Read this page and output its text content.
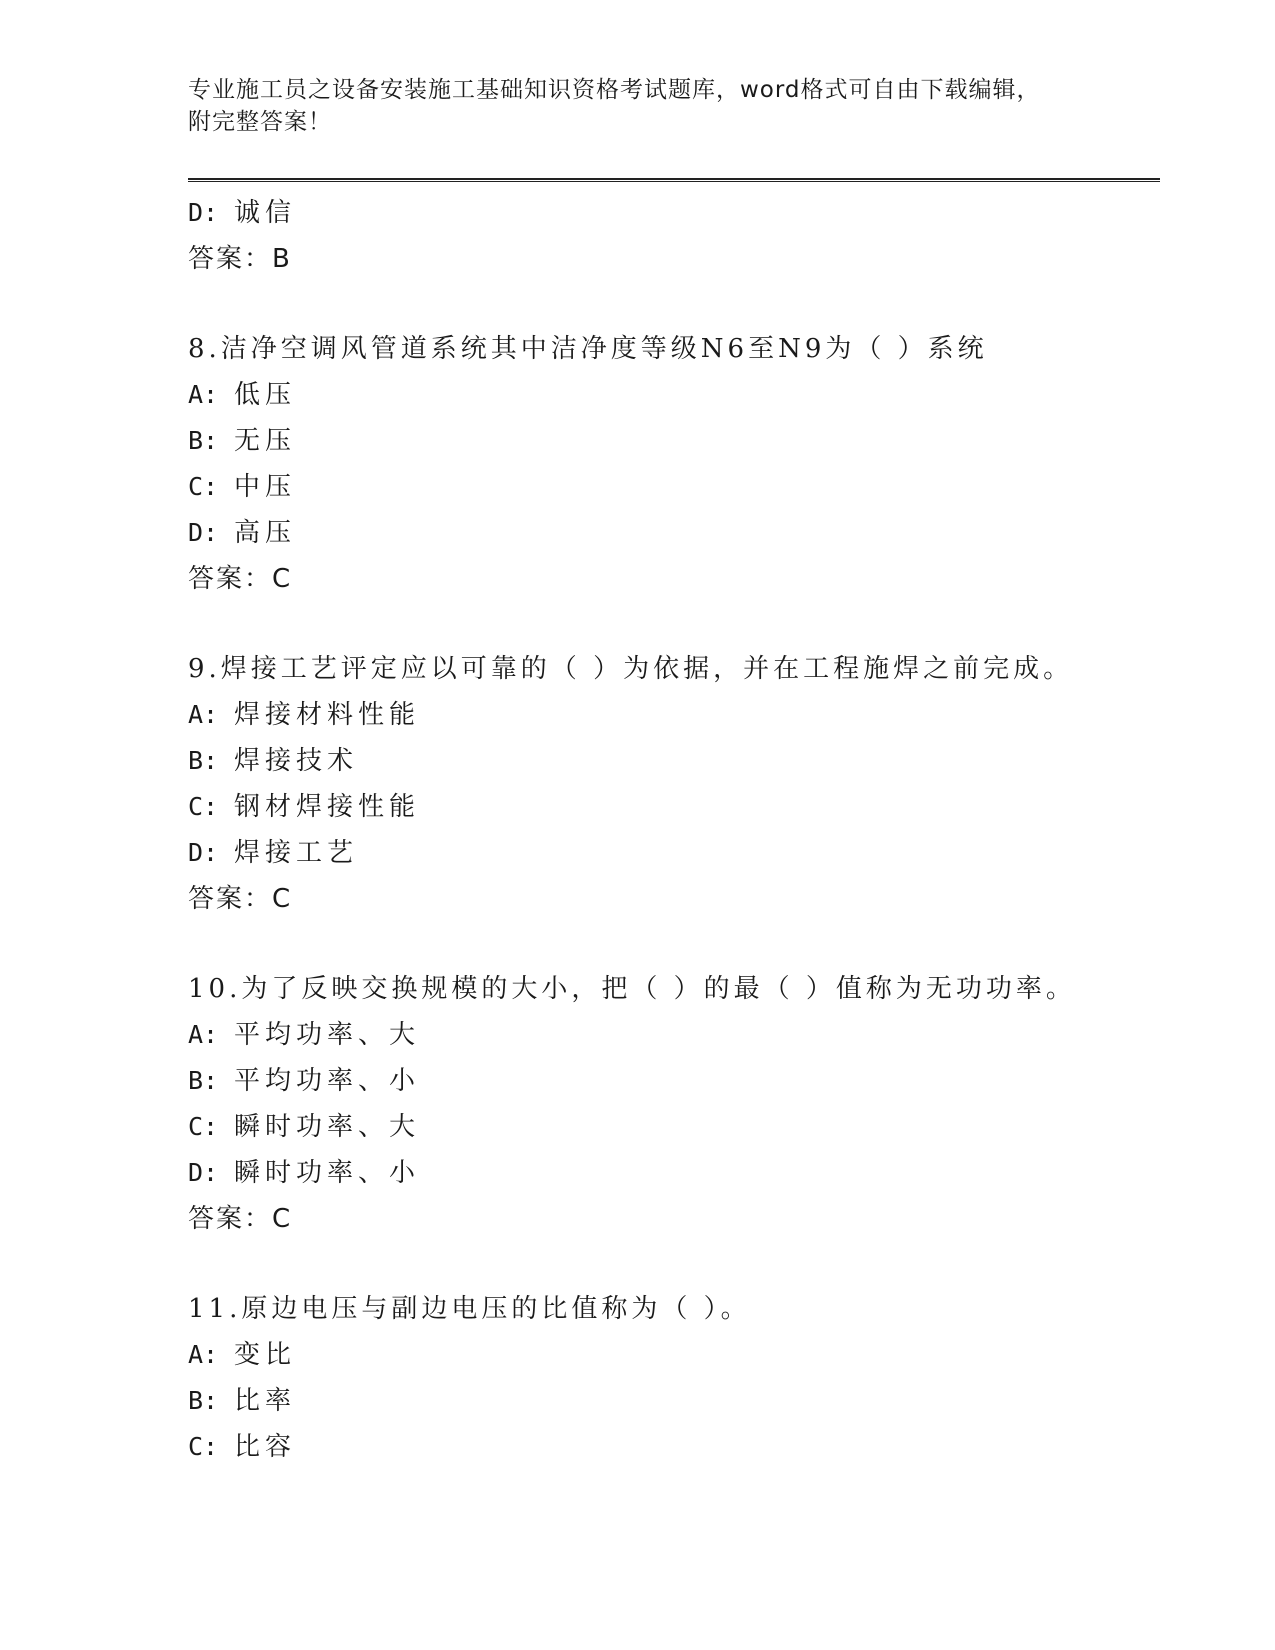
专业施工员之设备安装施工基础知识资格考试题库，word格式可自由下载编辑，
附完整答案！
D: 诚信
答案：B
8.洁净空调风管道系统其中洁净度等级N6至N9为（ ）系统
A: 低压
B: 无压
C: 中压
D: 高压
答案：C
9.焊接工艺评定应以可靠的（ ）为依据，并在工程施焊之前完成。
A: 焊接材料性能
B: 焊接技术
C: 钢材焊接性能
D: 焊接工艺
答案：C
10.为了反映交换规模的大小，把（ ）的最（ ）值称为无功功率。
A: 平均功率、大
B: 平均功率、小
C: 瞬时功率、大
D: 瞬时功率、小
答案：C
11.原边电压与副边电压的比值称为（ ）。
A: 变比
B: 比率
C: 比容
